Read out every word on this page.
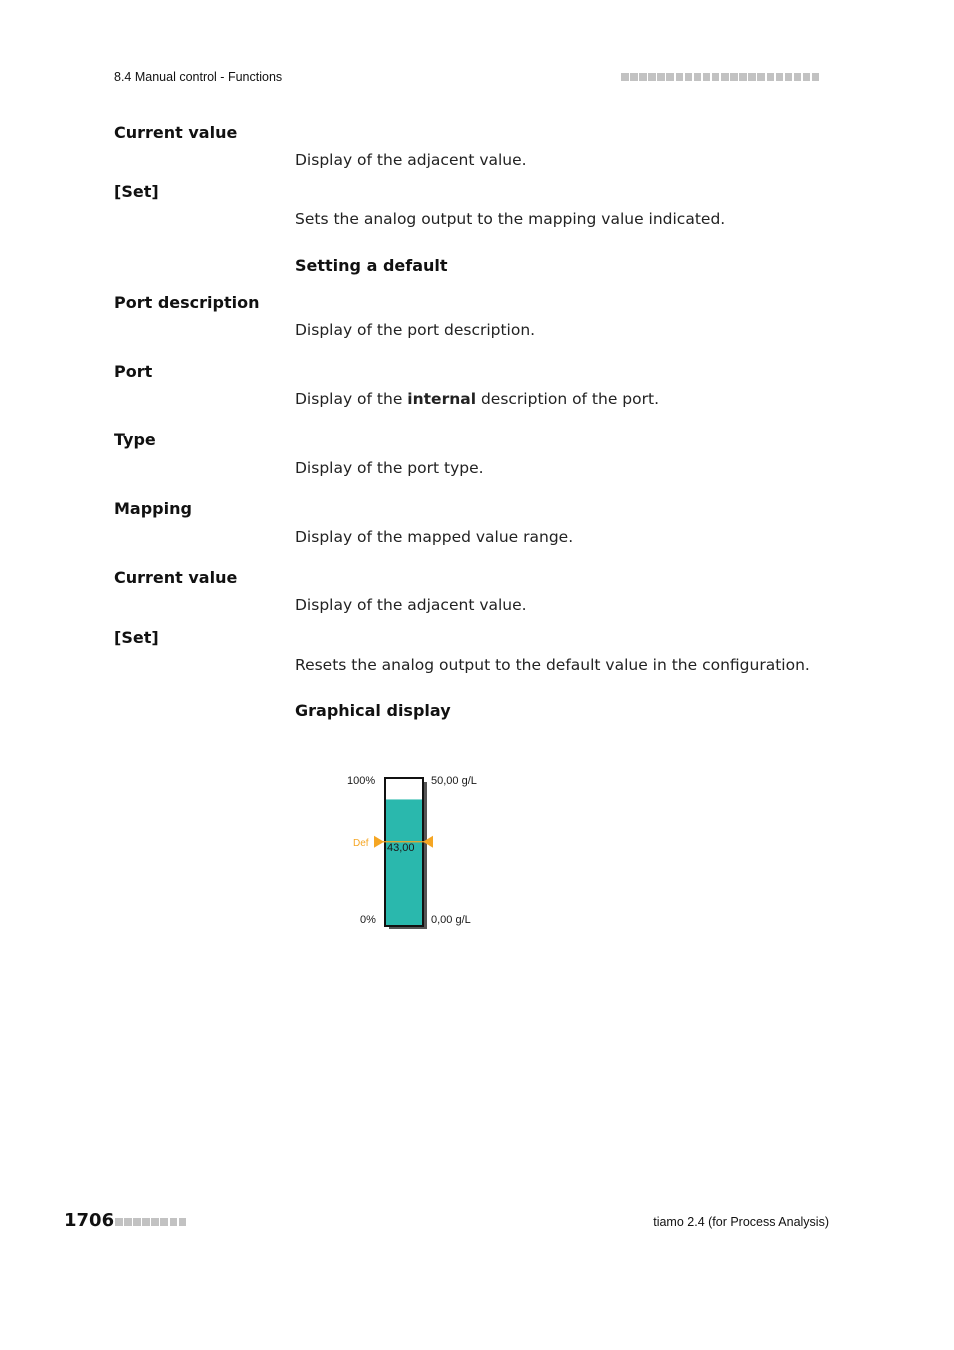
8.4 Manual control - Functions
Current value
Display of the adjacent value.
[Set]
Sets the analog output to the mapping value indicated.
Setting a default
Port description
Display of the port description.
Port
Display of the internal description of the port.
Type
Display of the port type.
Mapping
Display of the mapped value range.
Current value
Display of the adjacent value.
[Set]
Resets the analog output to the default value in the configuration.
Graphical display
Def 43,00
100%
0%
50,00 g/L
0,00 g/L
1706	tiamo 2.4 (for Process Analysis)
